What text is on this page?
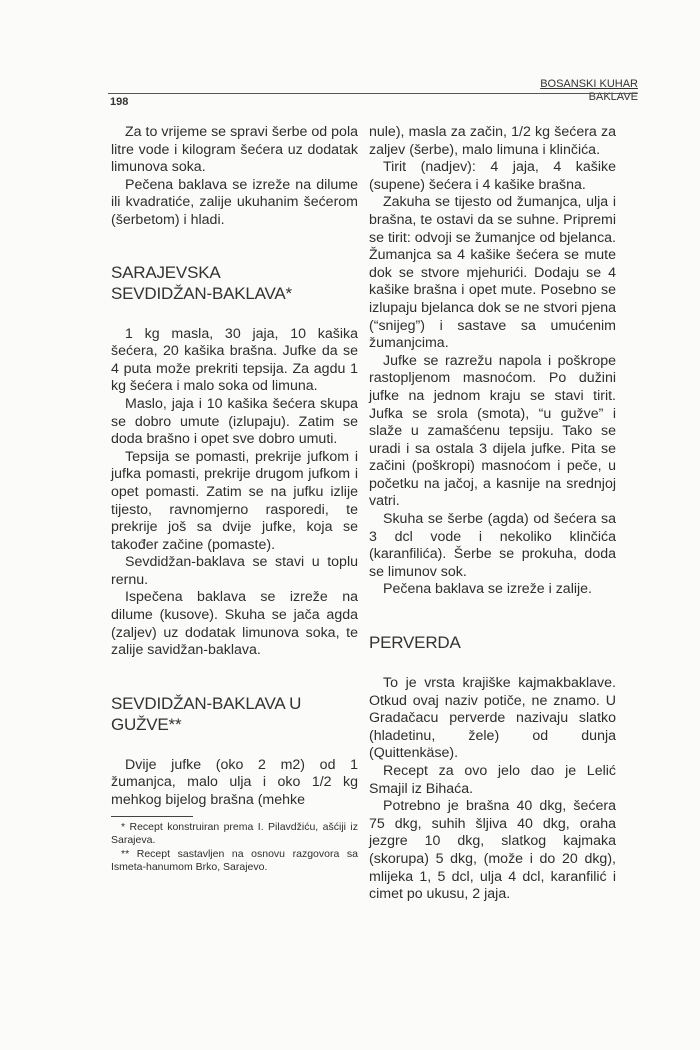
BOSANSKI KUHAR
BAKLAVE
198

Za to vrijeme se spravi šerbe od pola litre vode i kilogram šećera uz dodatak limunova soka.

Pečena baklava se izreže na dilume ili kvadratiće, zalije ukuhanim šećerom (šerbetom) i hladi.

SARAJEVSKA
SEVDIDŽAN-BAKLAVA*

1 kg masla, 30 jaja, 10 kašika šećera, 20 kašika brašna. Jufke da se 4 puta može prekriti tepsija. Za agdu 1 kg šećera i malo soka od limuna.

Maslo, jaja i 10 kašika šećera skupa se dobro umute (izlupaju). Zatim se doda brašno i opet sve dobro umuti.

Tepsija se pomasti, prekrije jufkom i jufka pomasti, prekrije drugom jufkom i opet pomasti. Zatim se na jufku izlije tijesto, ravnomjerno rasporedi, te prekrije još sa dvije jufke, koja se također začine (pomaste).

Sevdidžan-baklava se stavi u toplu rernu.

Ispečena baklava se izreže na dilume (kusove). Skuha se jača agda (zaljev) uz dodatak limunova soka, te zalije savidžan-baklava.

SEVDIDŽAN-BAKLAVA U
GUŽVE**

Dvije jufke (oko 2 m2) od 1 žumanjca, malo ulja i oko 1/2 kg mehkog bijelog brašna (mehke

* Recept konstruiran prema I. Pilavdžiću, ašćiji iz Sarajeva.

** Recept sastavljen na osnovu razgovora sa Ismeta-hanumom Brko, Sarajevo.

nule), masla za začin, 1/2 kg šećera za zaljev (šerbe), malo limuna i klinčića.

Tirit (nadjev): 4 jaja, 4 kašike (supene) šećera i 4 kašike brašna.

Zakuha se tijesto od žumanjca, ulja i brašna, te ostavi da se suhne. Pripremi se tirit: odvoji se žumanjce od bjelanca. Žumanjca sa 4 kašike šećera se mute dok se stvore mjehurići. Dodaju se 4 kašike brašna i opet mute. Posebno se izlupaju bjelanca dok se ne stvori pjena (“snijeg”) i sastave sa umućenim žumanjcima.

Jufke se razrežu napola i poškrope rastopljenom masnoćom. Po dužini jufke na jednom kraju se stavi tirit. Jufka se srola (smota), “u gužve” i slaže u zamašćenu tepsiju. Tako se uradi i sa ostala 3 dijela jufke. Pita se začini (poškropi) masnoćom i peče, u početku na jačoj, a kasnije na srednjoj vatri.

Skuha se šerbe (agda) od šećera sa 3 dcl vode i nekoliko klinčića (karanfilića). Šerbe se prokuha, doda se limunov sok.

Pečena baklava se izreže i zalije.

PERVERDA

To je vrsta krajiške kajmakbaklave. Otkud ovaj naziv potiče, ne znamo. U Gradačacu perverde nazivaju slatko (hladetinu, žele) od dunja (Quittenkäse).

Recept za ovo jelo dao je Lelić Smajil iz Bihaća.

Potrebno je brašna 40 dkg, šećera 75 dkg, suhih šljiva 40 dkg, oraha jezgre 10 dkg, slatkog kajmaka (skorupa) 5 dkg, (može i do 20 dkg), mlijeka 1, 5 dcl, ulja 4 dcl, karanfilić i cimet po ukusu, 2 jaja.
